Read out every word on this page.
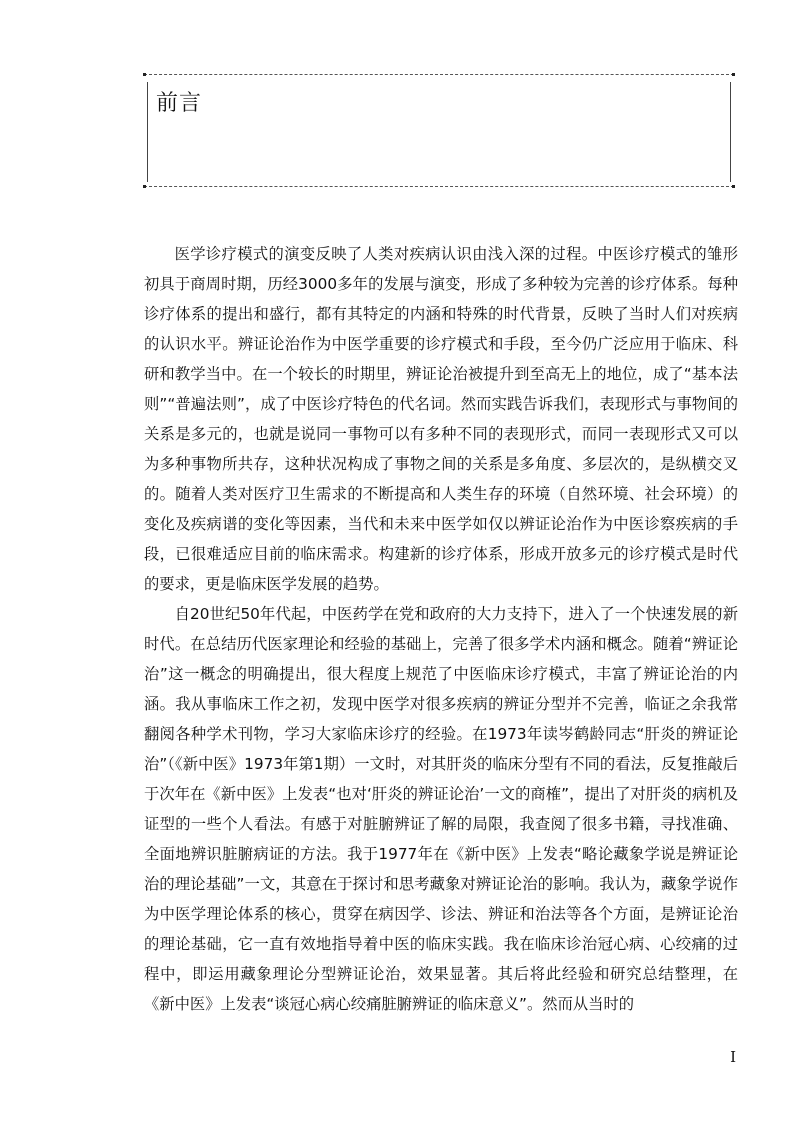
前言

医学诊疗模式的演变反映了人类对疾病认识由浅入深的过程。中医诊疗模式的雏形初具于商周时期，历经3000多年的发展与演变，形成了多种较为完善的诊疗体系。每种诊疗体系的提出和盛行，都有其特定的内涵和特殊的时代背景，反映了当时人们对疾病的认识水平。辨证论治作为中医学重要的诊疗模式和手段，至今仍广泛应用于临床、科研和教学当中。在一个较长的时期里，辨证论治被提升到至高无上的地位，成了“基本法则”“普遍法则”，成了中医诊疗特色的代名词。然而实践告诉我们，表现形式与事物间的关系是多元的，也就是说同一事物可以有多种不同的表现形式，而同一表现形式又可以为多种事物所共存，这种状况构成了事物之间的关系是多角度、多层次的，是纵横交叉的。随着人类对医疗卫生需求的不断提高和人类生存的环境（自然环境、社会环境）的变化及疾病谱的变化等因素，当代和未来中医学如仅以辨证论治作为中医诊察疾病的手段，已很难适应目前的临床需求。构建新的诊疗体系，形成开放多元的诊疗模式是时代的要求，更是临床医学发展的趋势。

自20世纪50年代起，中医药学在党和政府的大力支持下，进入了一个快速发展的新时代。在总结历代医家理论和经验的基础上，完善了很多学术内涵和概念。随着“辨证论治”这一概念的明确提出，很大程度上规范了中医临床诊疗模式，丰富了辨证论治的内涵。我从事临床工作之初，发现中医学对很多疾病的辨证分型并不完善，临证之余我常翻阅各种学术刊物，学习大家临床诊疗的经验。在1973年读岑鹤龄同志“肝炎的辨证论治”（《新中医》1973年第1期）一文时，对其肝炎的临床分型有不同的看法，反复推敲后于次年在《新中医》上发表“也对‘肝炎的辨证论治’一文的商榷”，提出了对肝炎的病机及证型的一些个人看法。有感于对脏腑辨证了解的局限，我查阅了很多书籍，寻找准确、全面地辨识脏腑病证的方法。我于1977年在《新中医》上发表“略论藏象学说是辨证论治的理论基础”一文，其意在于探讨和思考藏象对辨证论治的影响。我认为，藏象学说作为中医学理论体系的核心，贯穿在病因学、诊法、辨证和治法等各个方面，是辨证论治的理论基础，它一直有效地指导着中医的临床实践。我在临床诊治冠心病、心绞痛的过程中，即运用藏象理论分型辨证论治，效果显著。其后将此经验和研究总结整理，在《新中医》上发表“谈冠心病心绞痛脏腑辨证的临床意义”。然而从当时的

I
